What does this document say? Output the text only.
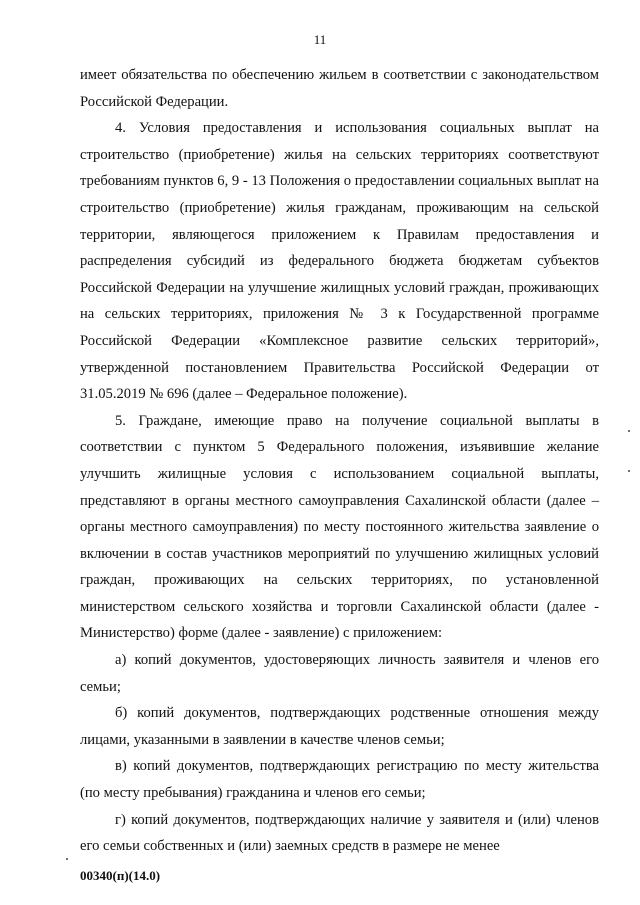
11

имеет обязательства по обеспечению жильем в соответствии с законодательством Российской Федерации.

4. Условия предоставления и использования социальных выплат на строительство (приобретение) жилья на сельских территориях соответствуют требованиям пунктов 6, 9 - 13 Положения о предоставлении социальных выплат на строительство (приобретение) жилья гражданам, проживающим на сельской территории, являющегося приложением к Правилам предоставления и распределения субсидий из федерального бюджета бюджетам субъектов Российской Федерации на улучшение жилищных условий граждан, проживающих на сельских территориях, приложения № 3 к Государственной программе Российской Федерации «Комплексное развитие сельских территорий», утвержденной постановлением Правительства Российской Федерации от 31.05.2019 № 696 (далее – Федеральное положение).

5. Граждане, имеющие право на получение социальной выплаты в соответствии с пунктом 5 Федерального положения, изъявившие желание улучшить жилищные условия с использованием социальной выплаты, представляют в органы местного самоуправления Сахалинской области (далее – органы местного самоуправления) по месту постоянного жительства заявление о включении в состав участников мероприятий по улучшению жилищных условий граждан, проживающих на сельских территориях, по установленной министерством сельского хозяйства и торговли Сахалинской области (далее - Министерство) форме (далее - заявление) с приложением:

а) копий документов, удостоверяющих личность заявителя и членов его семьи;

б) копий документов, подтверждающих родственные отношения между лицами, указанными в заявлении в качестве членов семьи;

в) копий документов, подтверждающих регистрацию по месту жительства (по месту пребывания) гражданина и членов его семьи;

г) копий документов, подтверждающих наличие у заявителя и (или) членов его семьи собственных и (или) заемных средств в размере не менее

00340(п)(14.0)
